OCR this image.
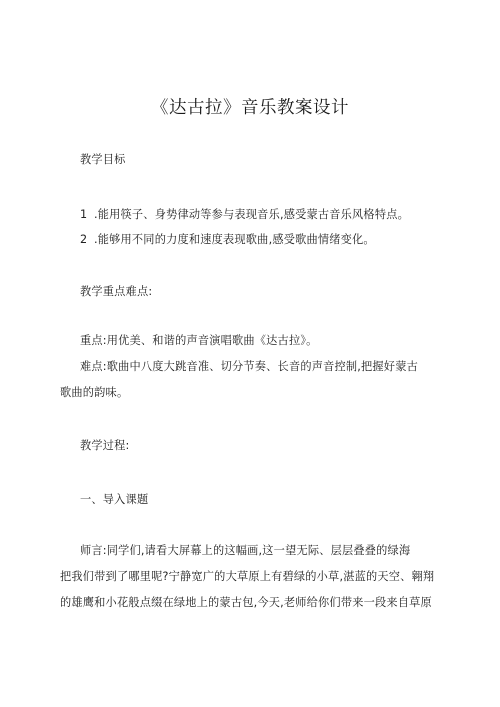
《达古拉》音乐教案设计
教学目标
1 .能用筷子、身势律动等参与表现音乐,感受蒙古音乐风格特点。
2 .能够用不同的力度和速度表现歌曲,感受歌曲情绪变化。
教学重点难点:
重点:用优美、和谐的声音演唱歌曲《达古拉》。
难点:歌曲中八度大跳音准、切分节奏、长音的声音控制,把握好蒙古
歌曲的韵味。
教学过程:
一、导入课题
师言:同学们,请看大屏幕上的这幅画,这一望无际、层层叠叠的绿海
把我们带到了哪里呢?宁静宽广的大草原上有碧绿的小草,湛蓝的天空、翱翔
的雄鹰和小花般点缀在绿地上的蒙古包,今天,老师给你们带来一段来自草原
